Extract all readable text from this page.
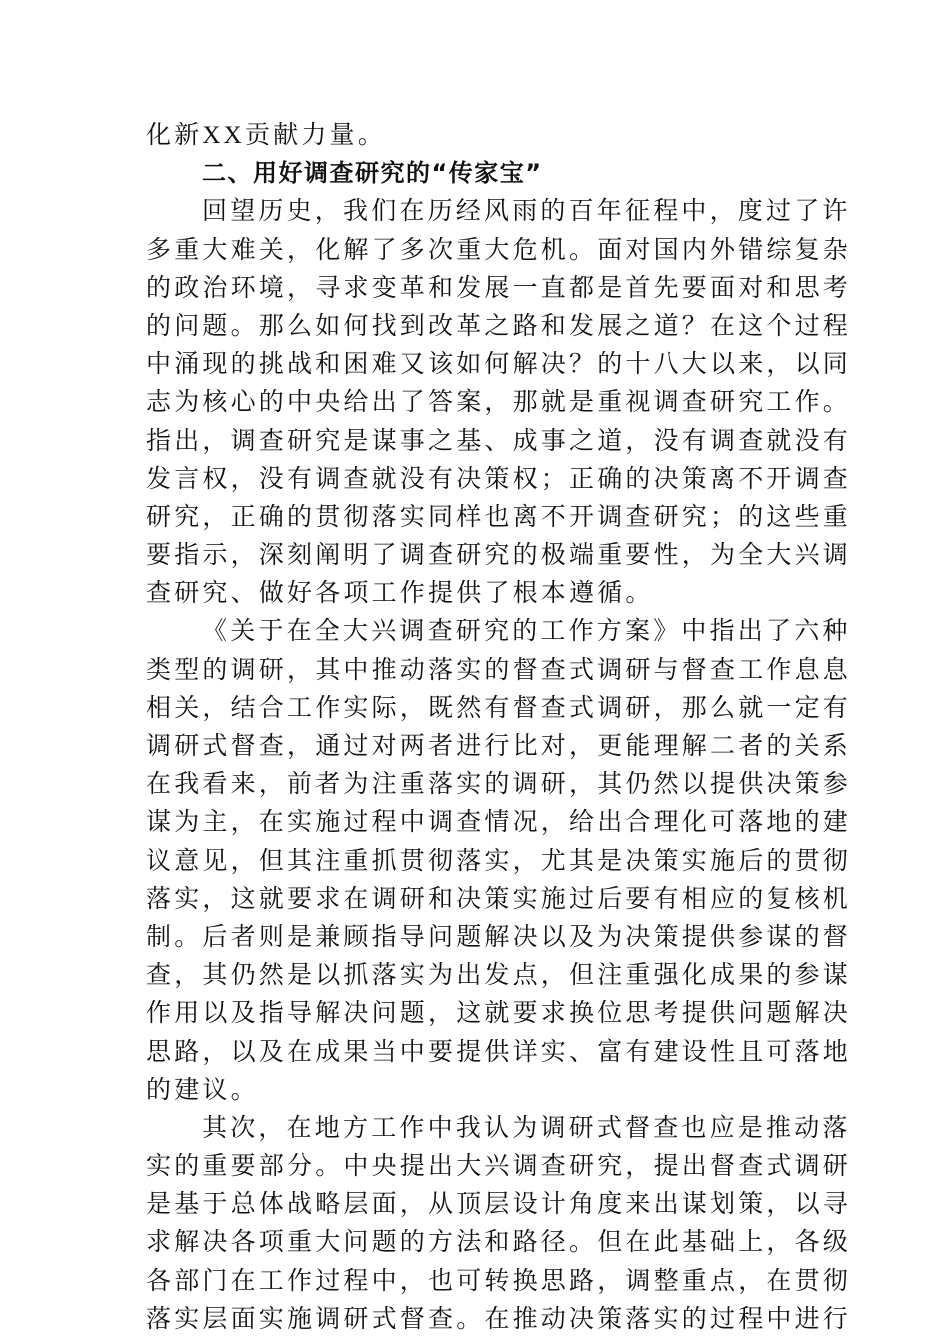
化新XX贡献力量。
二、用好调查研究的“传家宝”
回望历史，我们在历经风雨的百年征程中，度过了许
多重大难关，化解了多次重大危机。面对国内外错综复杂
的政治环境，寻求变革和发展一直都是首先要面对和思考
的问题。那么如何找到改革之路和发展之道？在这个过程
中涌现的挑战和困难又该如何解决？的十八大以来，以同
志为核心的中央给出了答案，那就是重视调查研究工作。
指出，调查研究是谋事之基、成事之道，没有调查就没有
发言权，没有调查就没有决策权；正确的决策离不开调查
研究，正确的贯彻落实同样也离不开调查研究；的这些重
要指示，深刻阐明了调查研究的极端重要性，为全大兴调
查研究、做好各项工作提供了根本遵循。
《关于在全大兴调查研究的工作方案》中指出了六种
类型的调研，其中推动落实的督查式调研与督查工作息息
相关，结合工作实际，既然有督查式调研，那么就一定有
调研式督查，通过对两者进行比对，更能理解二者的关系
在我看来，前者为注重落实的调研，其仍然以提供决策参
谋为主，在实施过程中调查情况，给出合理化可落地的建
议意见，但其注重抓贯彻落实，尤其是决策实施后的贯彻
落实，这就要求在调研和决策实施过后要有相应的复核机
制。后者则是兼顾指导问题解决以及为决策提供参谋的督
查，其仍然是以抓落实为出发点，但注重强化成果的参谋
作用以及指导解决问题，这就要求换位思考提供问题解决
思路，以及在成果当中要提供详实、富有建设性且可落地
的建议。
其次，在地方工作中我认为调研式督查也应是推动落
实的重要部分。中央提出大兴调查研究，提出督查式调研
是基于总体战略层面，从顶层设计角度来出谋划策，以寻
求解决各项重大问题的方法和路径。但在此基础上，各级
各部门在工作过程中，也可转换思路，调整重点，在贯彻
落实层面实施调研式督查。在推动决策落实的过程中进行
